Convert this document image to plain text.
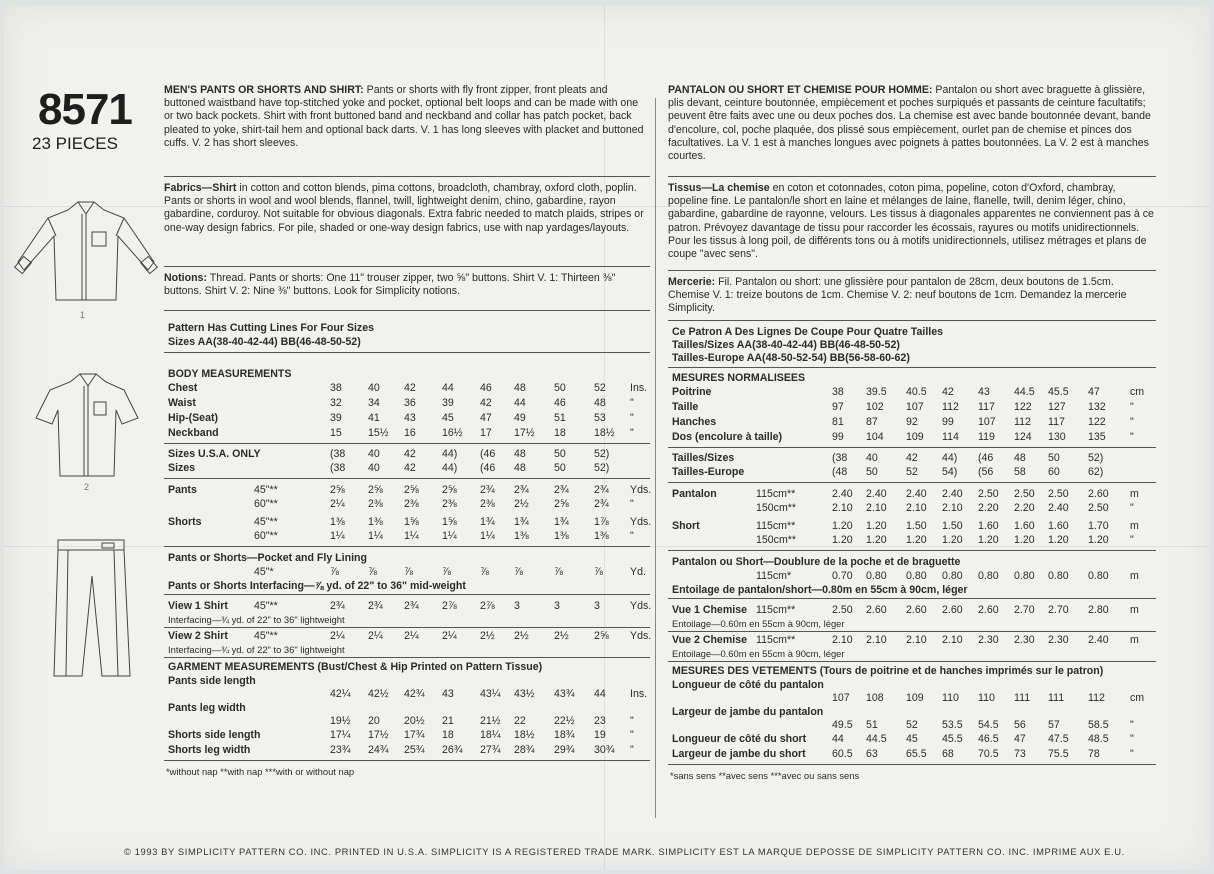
8571
23 PIECES
1
2
MEN'S PANTS OR SHORTS AND SHIRT: Pants or shorts with fly front zipper, front pleats and buttoned waistband have top-stitched yoke and pocket, optional belt loops and can be made with one or two back pockets. Shirt with front buttoned band and neckband and collar has patch pocket, back pleated to yoke, shirt-tail hem and optional back darts. V. 1 has long sleeves with placket and buttoned cuffs. V. 2 has short sleeves.
Fabrics—Shirt in cotton and cotton blends, pima cottons, broadcloth, chambray, oxford cloth, poplin. Pants or shorts in wool and wool blends, flannel, twill, lightweight denim, chino, gabardine, rayon gabardine, corduroy. Not suitable for obvious diagonals. Extra fabric needed to match plaids, stripes or one-way design fabrics. For pile, shaded or one-way design fabrics, use with nap yardages/layouts.
Notions: Thread. Pants or shorts: One 11" trouser zipper, two ⅝" buttons. Shirt V. 1: Thirteen ⅜" buttons. Shirt V. 2: Nine ⅜" buttons. Look for Simplicity notions.
Pattern Has Cutting Lines For Four Sizes
Sizes AA(38-40-42-44) BB(46-48-50-52)
BODY MEASUREMENTS
Chest	38 40 42 44 46 48	50	52 Ins.
Waist	32 34 36 39 42 44	46	48 "
Hip-(Seat)	39 41 43 45 47 49	51	53 "
Neckband	15 15½ 16 16½ 17 17½ 18	18½ "
Sizes U.S.A. ONLY	(38 40 42 44) (46 48	50	52)
Sizes	(38 40 42 44) (46 48	50	52)
Pants	45"**	2⅝ 2⅝ 2⅝ 2⅝ 2¾ 2¾ 2¾ 2¾ Yds.
60"**	2¼ 2⅜ 2⅜ 2⅜ 2⅜ 2½ 2⅝ 2¾ "
Shorts	45"**	1⅜ 1⅜ 1⅝ 1⅝ 1¾ 1¾ 1¾ 1⅞ Yds.
60"**	1¼ 1¼ 1¼ 1¼ 1¼ 1⅜ 1⅜ 1⅜ "
Pants or Shorts—Pocket and Fly Lining
45"*	⅞	⅞	⅞	⅞	⅞ ⅞	⅞	⅞	Yd.
Pants or Shorts Interfacing—⅞ yd. of 22" to 36" mid-weight
View 1 Shirt 45"**	2¾ 2¾ 2¾ 2⅞ 2⅞ 3	3	3	Yds.
Interfacing—¾ yd. of 22" to 36" lightweight
View 2 Shirt 45"**	2¼ 2¼ 2¼ 2¼ 2½ 2½ 2½ 2⅝ Yds.
Interfacing—¾ yd. of 22" to 36" lightweight
GARMENT MEASUREMENTS (Bust/Chest & Hip Printed on Pattern Tissue)
Pants side length
42¼ 42½ 42¾ 43 43¼ 43½ 43¾ 44 Ins.
Pants leg width
19½ 20 20½ 21 21½ 22	22½ 23 "
Shorts side length	17¼ 17½ 17¾ 18 18¼ 18½ 18¾ 19 "
Shorts leg width	23¾ 24¾ 25¾ 26¾ 27¾ 28¾ 29¾ 30¾ "
*without nap **with nap ***with or without nap
PANTALON OU SHORT ET CHEMISE POUR HOMME: Pantalon ou short avec braguette à glissière, plis devant, ceinture boutonnée, empiècement et poches surpiqués et passants de ceinture facultatifs; peuvent être faits avec une ou deux poches dos. La chemise est avec bande boutonnée devant, bande d'encolure, col, poche plaquée, dos plissé sous empiècement, ourlet pan de chemise et pinces dos facultatives. La V. 1 est à manches longues avec poignets à pattes boutonnées. La V. 2 est à manches courtes.
Tissus—La chemise en coton et cotonnades, coton pima, popeline, coton d'Oxford, chambray, popeline fine. Le pantalon/le short en laine et mélanges de laine, flanelle, twill, denim léger, chino, gabardine, gabardine de rayonne, velours. Les tissus à diagonales apparentes ne conviennent pas à ce patron. Prévoyez davantage de tissu pour raccorder les écossais, rayures ou motifs unidirectionnels. Pour les tissus à long poil, de différents tons ou à motifs unidirectionnels, utilisez métrages et plans de coupe "avec sens".
Mercerie: Fil. Pantalon ou short: une glissière pour pantalon de 28cm, deux boutons de 1.5cm. Chemise V. 1: treize boutons de 1cm. Chemise V. 2: neuf boutons de 1cm. Demandez la mercerie Simplicity.
Ce Patron A Des Lignes De Coupe Pour Quatre Tailles
Tailles/Sizes AA(38-40-42-44) BB(46-48-50-52)
Tailles-Europe AA(48-50-52-54) BB(56-58-60-62)
MESURES NORMALISEES
Poitrine	38 39.5 40.5 42 43 44.5 45.5 47	cm
Taille	97 102 107 112 117 122 127 132 "
Hanches	81 87	92 99 107 112 117 122 "
Dos (encolure à taille)	99 104 109 114 119 124 130 135 "
Tailles/Sizes	(38 40	42 44) (46 48 50	52)
Tailles-Europe	(48 50	52 54) (56 58 60	62)
Pantalon	115cm**	2.40 2.40 2.40 2.40 2.50 2.50 2.50 2.60 m
150cm**	2.10 2.10 2.10 2.10 2.20 2.20 2.40 2.50 "
Short	115cm**	1.20 1.20 1.50 1.50 1.60 1.60 1.60 1.70 m
150cm**	1.20 1.20 1.20 1.20 1.20 1.20 1.20 1.20 "
Pantalon ou Short—Doublure de la poche et de braguette
115cm*	0.70 0.80 0.80 0.80 0.80 0.80 0.80 0.80 m
Entoilage de pantalon/short—0.80m en 55cm à 90cm, léger
Vue 1 Chemise 115cm**	2.50 2.60 2.60 2.60 2.60 2.70 2.70 2.80 m
Entoilage—0.60m en 55cm à 90cm, léger
Vue 2 Chemise 115cm**	2.10 2.10 2.10 2.10 2.30 2.30 2.30 2.40 m
Entoilage—0.60m en 55cm à 90cm, léger
MESURES DES VETEMENTS (Tours de poitrine et de hanches imprimés sur le patron)
Longueur de côté du pantalon
107 108 109 110 110 111 111 112 cm
Largeur de jambe du pantalon
49.5 51	52 53.5 54.5 56 57	58.5 "
Longueur de côté du short 44 44.5 45 45.5 46.5 47 47.5 48.5 "
Largeur de jambe du short 60.5 63	65.5 68 70.5 73 75.5 78	"
*sans sens **avec sens ***avec ou sans sens
© 1993 BY SIMPLICITY PATTERN CO. INC. PRINTED IN U.S.A. SIMPLICITY IS A REGISTERED TRADE MARK. SIMPLICITY EST LA MARQUE DEPOSSE DE SIMPLICITY PATTERN CO. INC. IMPRIME AUX E.U.
